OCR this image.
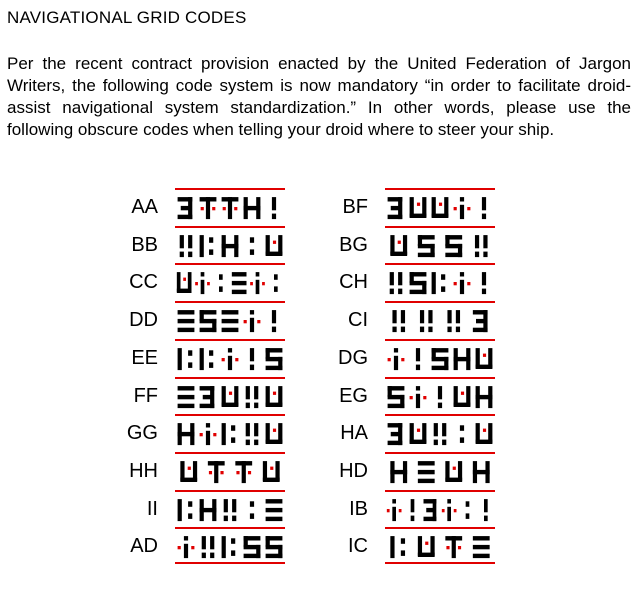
NAVIGATIONAL GRID CODES
Per the recent contract provision enacted by the United Federation of Jargon Writers, the following code system is now mandatory “in order to facilitate droid-assist navigational system standardization.” In other words, please use the following obscure codes when telling your droid where to steer your ship.
AA
BB
CC
DD
EE
FF
GG
HH
II
AD
BF
BG
CH
CI
DG
EG
HA
HD
IB
IC
